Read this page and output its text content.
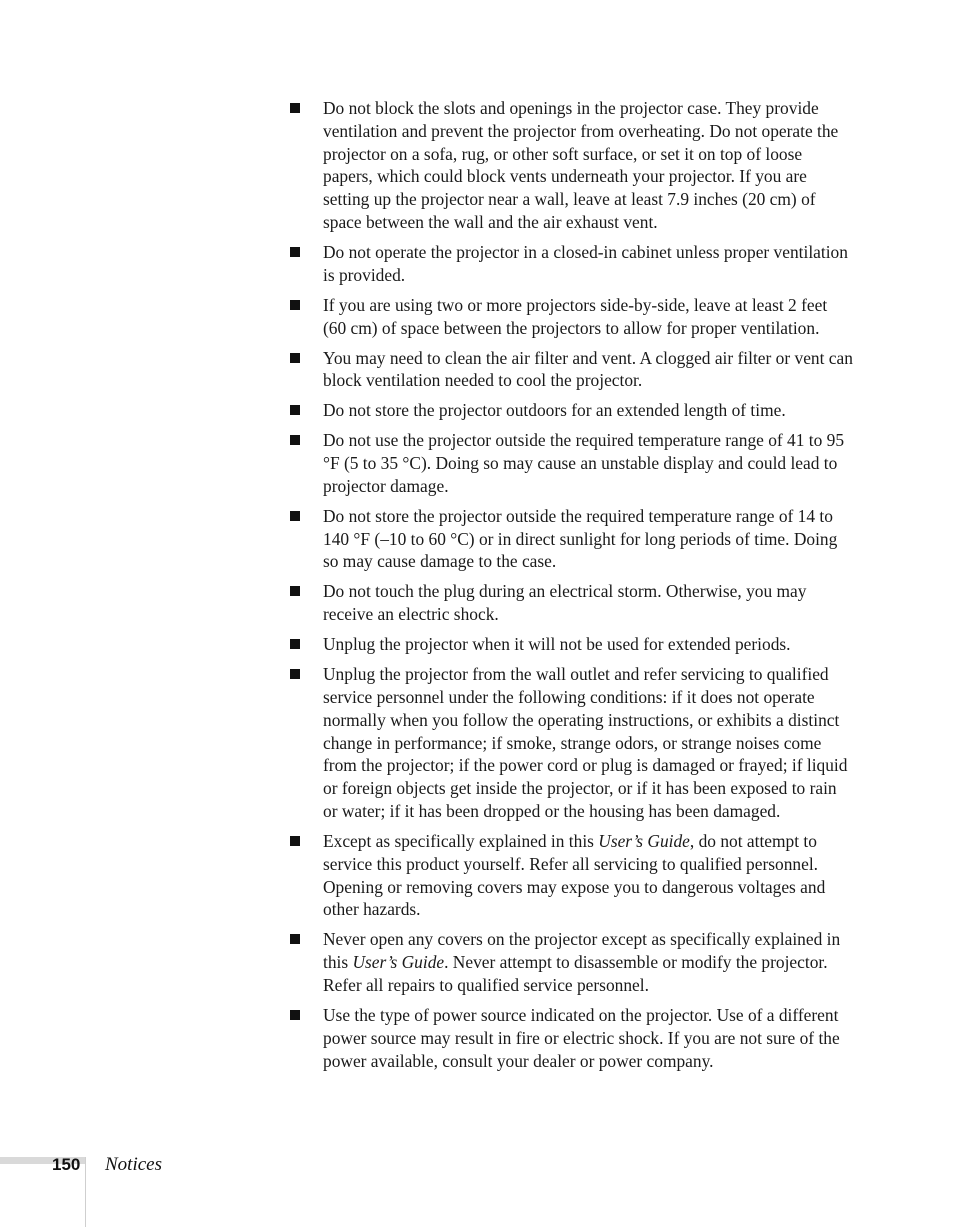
Do not block the slots and openings in the projector case. They provide ventilation and prevent the projector from overheating. Do not operate the projector on a sofa, rug, or other soft surface, or set it on top of loose papers, which could block vents underneath your projector. If you are setting up the projector near a wall, leave at least 7.9 inches (20 cm) of space between the wall and the air exhaust vent.
Do not operate the projector in a closed-in cabinet unless proper ventilation is provided.
If you are using two or more projectors side-by-side, leave at least 2 feet (60 cm) of space between the projectors to allow for proper ventilation.
You may need to clean the air filter and vent. A clogged air filter or vent can block ventilation needed to cool the projector.
Do not store the projector outdoors for an extended length of time.
Do not use the projector outside the required temperature range of 41 to 95 °F (5 to 35 °C). Doing so may cause an unstable display and could lead to projector damage.
Do not store the projector outside the required temperature range of 14 to 140 °F (–10 to 60 °C) or in direct sunlight for long periods of time. Doing so may cause damage to the case.
Do not touch the plug during an electrical storm. Otherwise, you may receive an electric shock.
Unplug the projector when it will not be used for extended periods.
Unplug the projector from the wall outlet and refer servicing to qualified service personnel under the following conditions: if it does not operate normally when you follow the operating instructions, or exhibits a distinct change in performance; if smoke, strange odors, or strange noises come from the projector; if the power cord or plug is damaged or frayed; if liquid or foreign objects get inside the projector, or if it has been exposed to rain or water; if it has been dropped or the housing has been damaged.
Except as specifically explained in this User’s Guide, do not attempt to service this product yourself. Refer all servicing to qualified personnel. Opening or removing covers may expose you to dangerous voltages and other hazards.
Never open any covers on the projector except as specifically explained in this User’s Guide. Never attempt to disassemble or modify the projector. Refer all repairs to qualified service personnel.
Use the type of power source indicated on the projector. Use of a different power source may result in fire or electric shock. If you are not sure of the power available, consult your dealer or power company.
150 Notices
